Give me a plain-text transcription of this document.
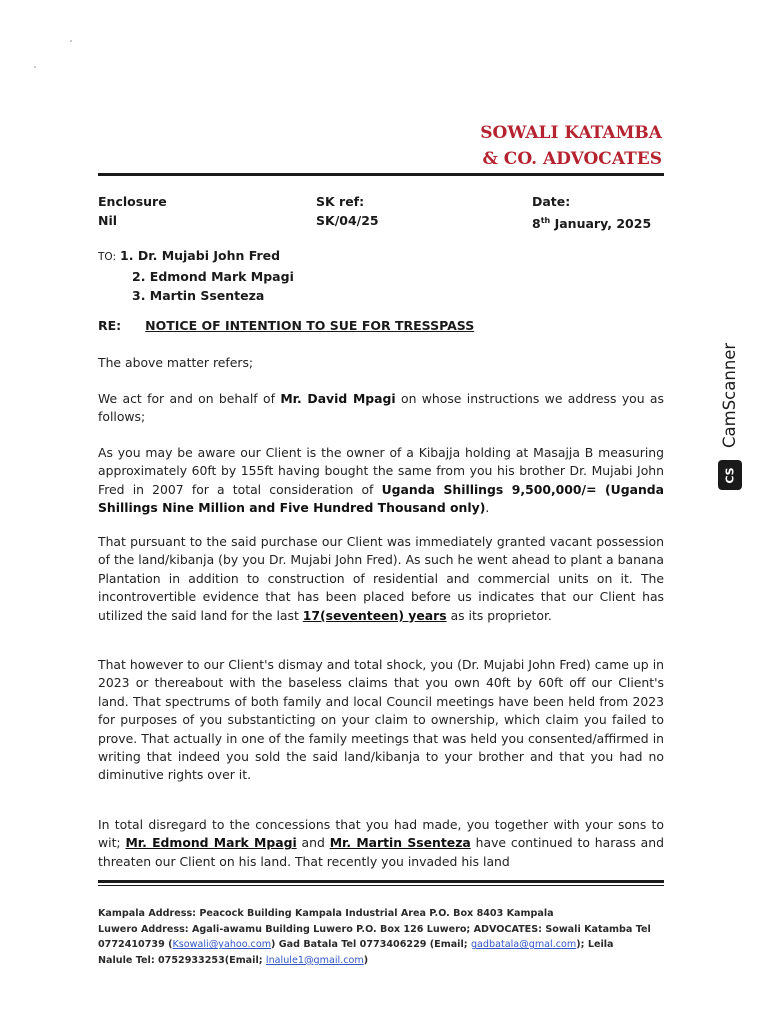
SOWALI KATAMBA
& CO. ADVOCATES
Enclosure
Nil
SK ref:
SK/04/25
Date:
8th January, 2025
TO: 1. Dr. Mujabi John Fred
2. Edmond Mark Mpagi
3. Martin Ssenteza
RE: NOTICE OF INTENTION TO SUE FOR TRESSPASS
The above matter refers;
We act for and on behalf of Mr. David Mpagi on whose instructions we address you as follows;
As you may be aware our Client is the owner of a Kibajja holding at Masajja B measuring approximately 60ft by 155ft having bought the same from you his brother Dr. Mujabi John Fred in 2007 for a total consideration of Uganda Shillings 9,500,000/= (Uganda Shillings Nine Million and Five Hundred Thousand only).
That pursuant to the said purchase our Client was immediately granted vacant possession of the land/kibanja (by you Dr. Mujabi John Fred). As such he went ahead to plant a banana Plantation in addition to construction of residential and commercial units on it. The incontrovertible evidence that has been placed before us indicates that our Client has utilized the said land for the last 17(seventeen) years as its proprietor.
That however to our Client's dismay and total shock, you (Dr. Mujabi John Fred) came up in 2023 or thereabout with the baseless claims that you own 40ft by 60ft off our Client's land. That spectrums of both family and local Council meetings have been held from 2023 for purposes of you substanticting on your claim to ownership, which claim you failed to prove. That actually in one of the family meetings that was held you consented/affirmed in writing that indeed you sold the said land/kibanja to your brother and that you had no diminutive rights over it.
In total disregard to the concessions that you had made, you together with your sons to wit; Mr. Edmond Mark Mpagi and Mr. Martin Ssenteza have continued to harass and threaten our Client on his land. That recently you invaded his land
Kampala Address: Peacock Building Kampala Industrial Area P.O. Box 8403 Kampala
Luwero Address: Agali-awamu Building Luwero P.O. Box 126 Luwero; ADVOCATES: Sowali Katamba Tel
0772410739 (Ksowali@yahoo.com) Gad Batala Tel 0773406229 (Email; gadbatala@gmal.com); Leila
Nalule Tel: 0752933253(Email; lnalule1@gmail.com)
CamScanner
CS
